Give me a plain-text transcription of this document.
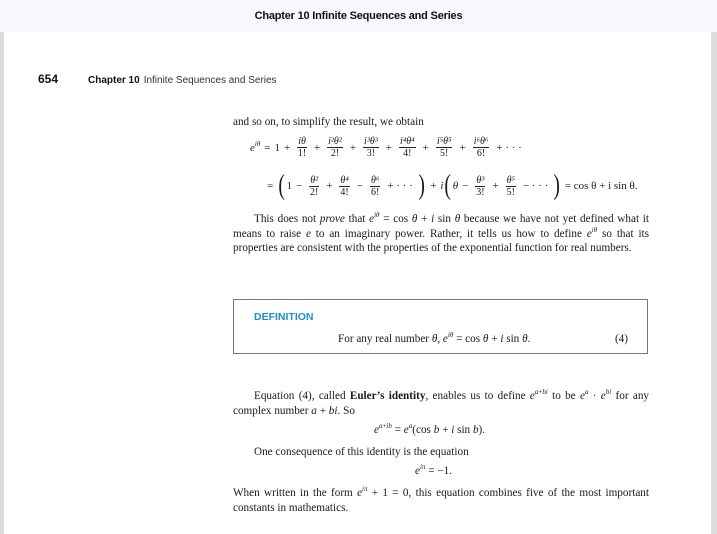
Chapter 10 Infinite Sequences and Series
654	Chapter 10 Infinite Sequences and Series
and so on, to simplify the result, we obtain
$e^{i\theta} = 1 + \frac{i\theta}{1!} + \frac{\text{i²θ²}}{2!} + \frac{\text{i³θ³}}{3!} + \frac{\text{i⁴θ⁴}}{4!} + \frac{\text{i⁵θ⁵}}{5!} + \frac{\text{i⁶θ⁶}}{6!}$ + · · ·
= ( $1 - \frac{\text{θ²}}{2!} + \frac{\text{θ⁴}}{4!} - \frac{\text{θ⁶}}{6!}$ + · · · ) + i ( $\theta - \frac{\text{θ³}}{3!} + \frac{\text{θ⁵}}{5!}$ − · · · ) = cos θ + i sin θ.
This does not prove that $e^{i\theta} = \cos \theta + i$ sin θ because we have not yet defined what it means to raise e to an imaginary power. Rather, it tells us how to define $e^{i\theta}$ so that its properties are consistent with the properties of the exponential function for real numbers.
DEFINITION
For any real number θ, $e^{i\theta} = \cos \theta + i$ sin θ.	(4)
Equation (4), called Euler’s identity, enables us to define $e^{a+bi}$ to be $e^a \cdot e^{bi}$ for any complex number a + bi. So
$e^{a+ib} = e^a(\cos$ b + i sin b).
One consequence of this identity is the equation
$e^{i\pi} = -1$.
When written in the form $e^{i\pi} + 1 = 0$, this equation combines five of the most important constants in mathematics.
